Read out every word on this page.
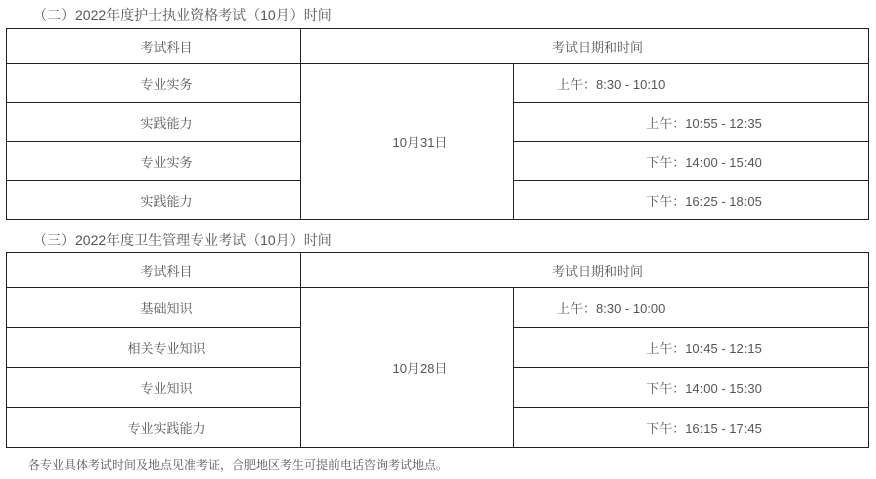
（二）2022年度护士执业资格考试（10月）时间
考试科目	考试日期和时间	
专业实务	10月31日	上午：8:30 - 10:10
实践能力		上午：10:55 - 12:35
专业实务		下午：14:00 - 15:40
实践能力		下午：16:25 - 18:05
（三）2022年度卫生管理专业考试（10月）时间
考试科目	考试日期和时间	
基础知识	10月28日	上午：8:30 - 10:00
相关专业知识		上午：10:45 - 12:15
专业知识		下午：14:00 - 15:30
专业实践能力		下午：16:15 - 17:45

各专业具体考试时间及地点见准考证，合肥地区考生可提前电话咨询考试地点。
